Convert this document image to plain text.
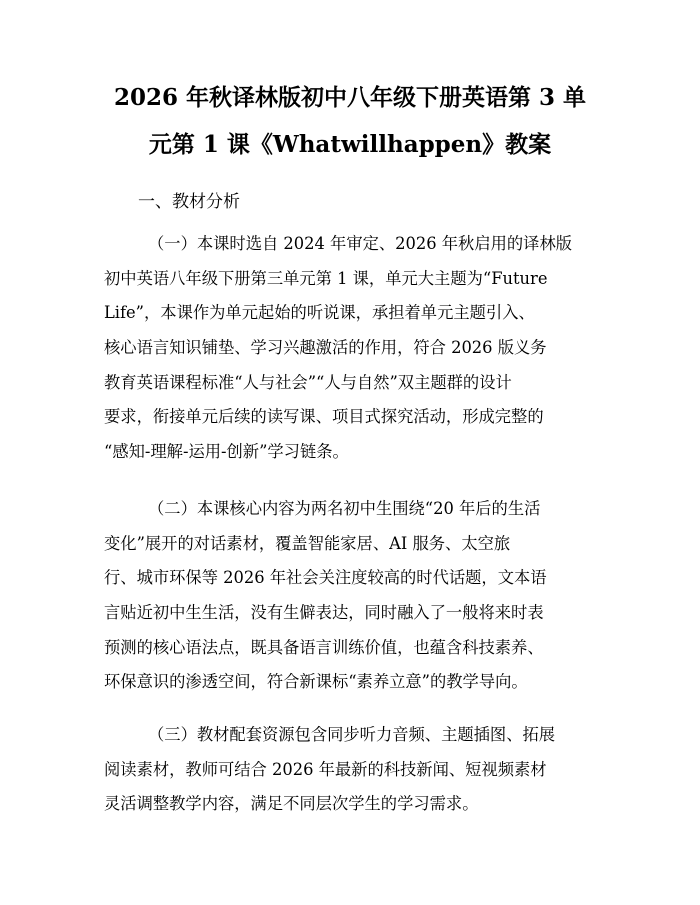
2026 年秋译林版初中八年级下册英语第 3 单
元第 1 课《Whatwillhappen》教案
一、教材分析
（一）本课时选自 2024 年审定、2026 年秋启用的译林版
初中英语八年级下册第三单元第 1 课，单元大主题为“Future
Life”，本课作为单元起始的听说课，承担着单元主题引入、
核心语言知识铺垫、学习兴趣激活的作用，符合 2026 版义务
教育英语课程标准“人与社会”“人与自然”双主题群的设计
要求，衔接单元后续的读写课、项目式探究活动，形成完整的
“感知-理解-运用-创新”学习链条。
（二）本课核心内容为两名初中生围绕“20 年后的生活
变化”展开的对话素材，覆盖智能家居、AI 服务、太空旅
行、城市环保等 2026 年社会关注度较高的时代话题，文本语
言贴近初中生生活，没有生僻表达，同时融入了一般将来时表
预测的核心语法点，既具备语言训练价值，也蕴含科技素养、
环保意识的渗透空间，符合新课标“素养立意”的教学导向。
（三）教材配套资源包含同步听力音频、主题插图、拓展
阅读素材，教师可结合 2026 年最新的科技新闻、短视频素材
灵活调整教学内容，满足不同层次学生的学习需求。
